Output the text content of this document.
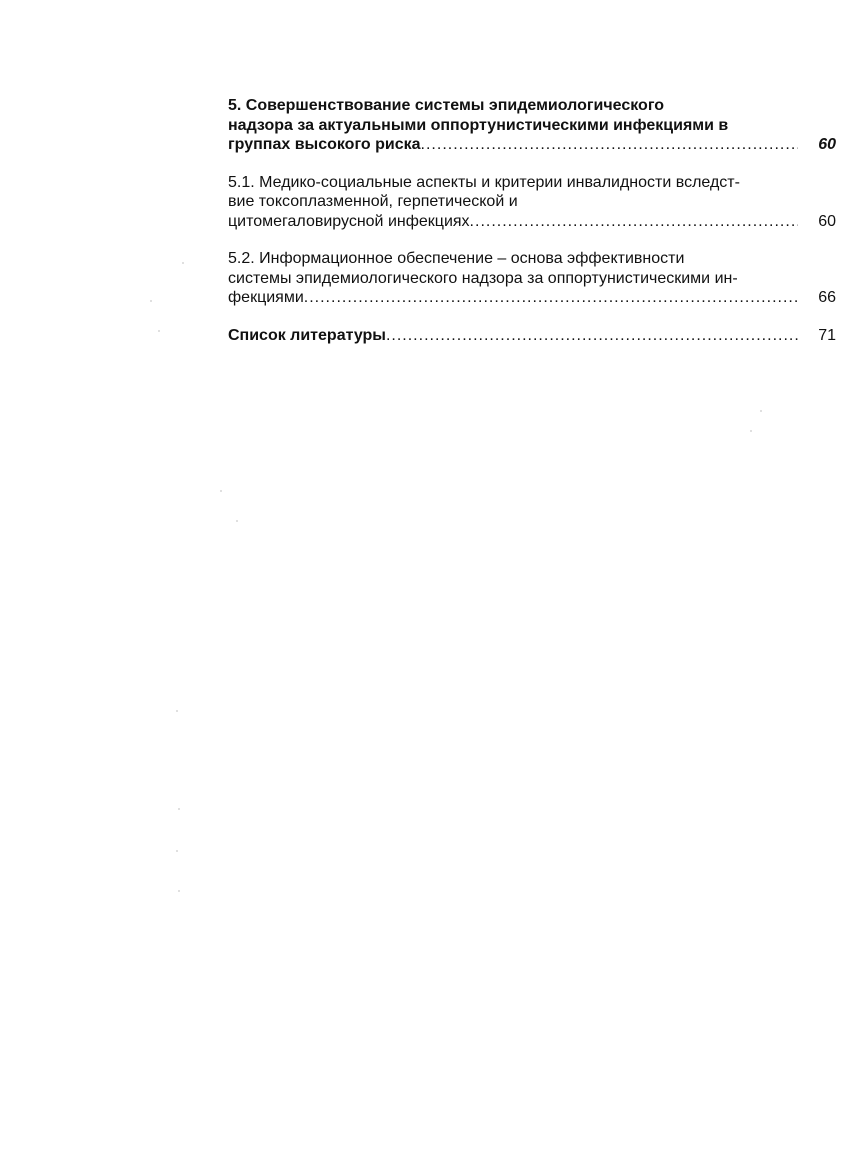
5. Совершенствование системы эпидемиологического
надзора за актуальными оппортунистическими инфекциями в
группах высокого риска .....	60
5.1. Медико-социальные аспекты и критерии инвалидности вследст-
вие токсоплазменной, герпетической и
цитомегаловирусной инфекциях .....	60
5.2. Информационное обеспечение – основа эффективности
системы эпидемиологического надзора за оппортунистическими ин-
фекциями .....	66
Список литературы .....	71
